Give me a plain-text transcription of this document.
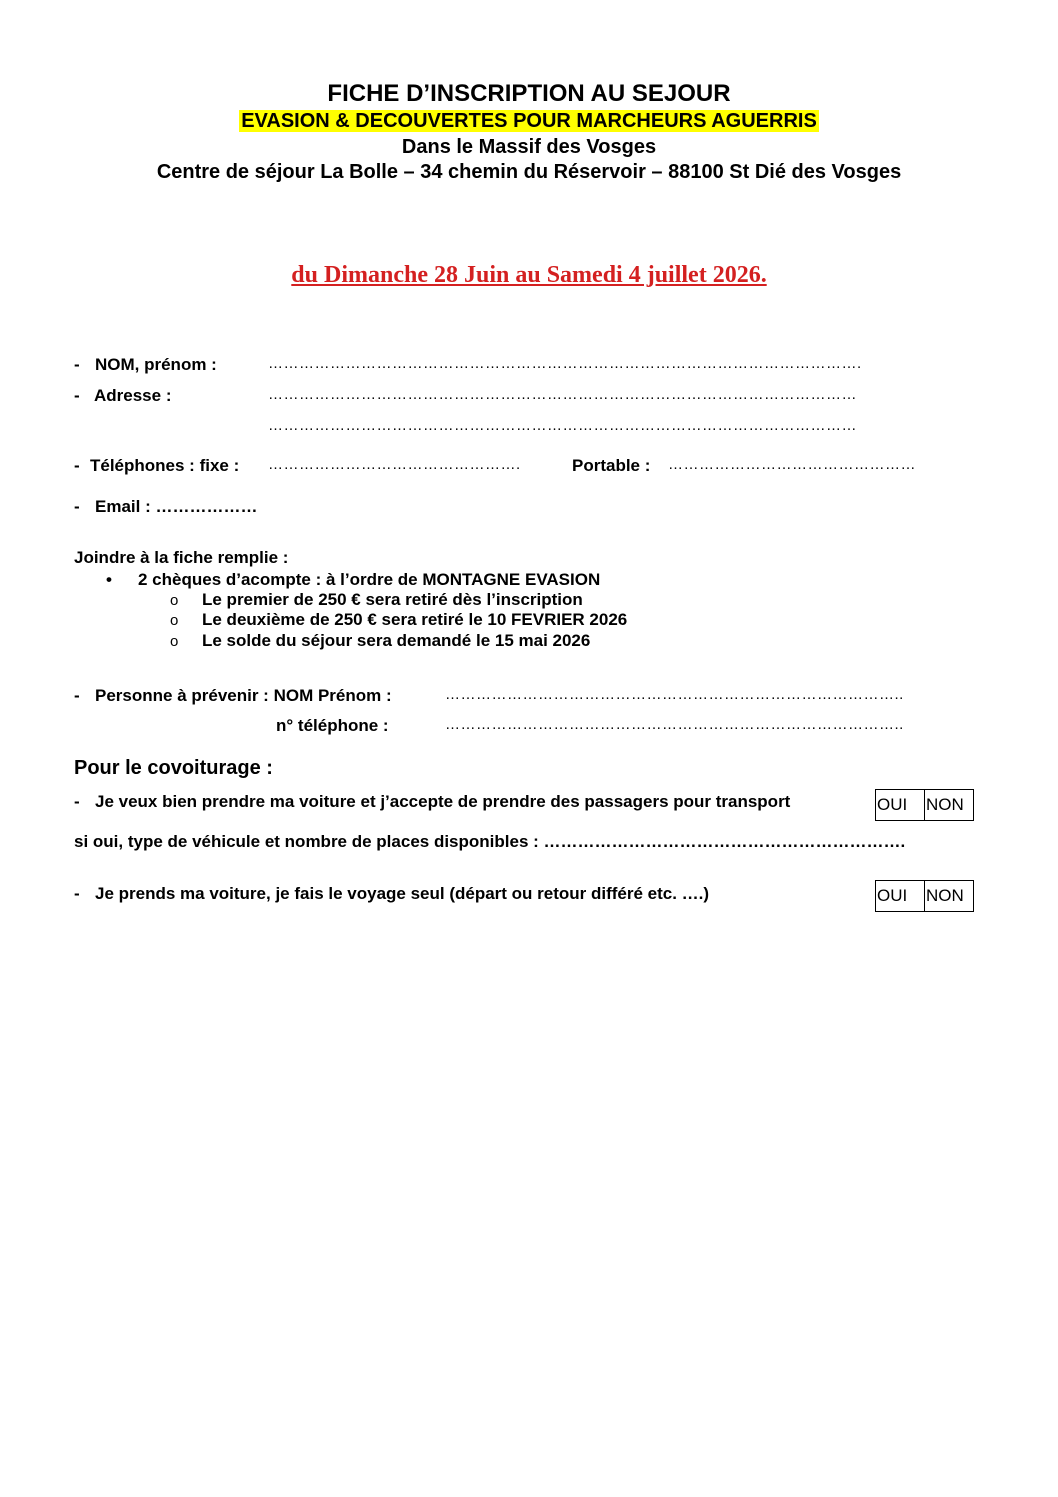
FICHE D’INSCRIPTION AU SEJOUR
EVASION & DECOUVERTES POUR MARCHEURS AGUERRIS
Dans le Massif des Vosges
Centre de séjour La Bolle – 34 chemin du Réservoir – 88100 St Dié des Vosges
du Dimanche 28 Juin au Samedi 4 juillet 2026.
- NOM, prénom :	…………………………………………………………………………………………………….
- Adresse :	……………………………………………………………………………………………………
……………………………………………………………………………………………………
- Téléphones : fixe : ………………………………………….	Portable : …………………………………………
- Email : ………………
Joindre à la fiche remplie :
• 2 chèques d’acompte : à l’ordre de MONTAGNE EVASION
o Le premier de 250 € sera retiré dès l’inscription
o Le deuxième de 250 € sera retiré le 10 FEVRIER 2026
o Le solde du séjour sera demandé le 15 mai 2026
- Personne à prévenir : NOM Prénom :	……………………………………………………………………………..
n° téléphone :	……………………………………………………………………………..
Pour le covoiturage :
- Je veux bien prendre ma voiture et j’accepte de prendre des passagers pour transport	OUI	NON
si oui, type de véhicule et nombre de places disponibles : ……………………………………………………….
- Je prends ma voiture, je fais le voyage seul (départ ou retour différé etc. ….)	OUI	NON
